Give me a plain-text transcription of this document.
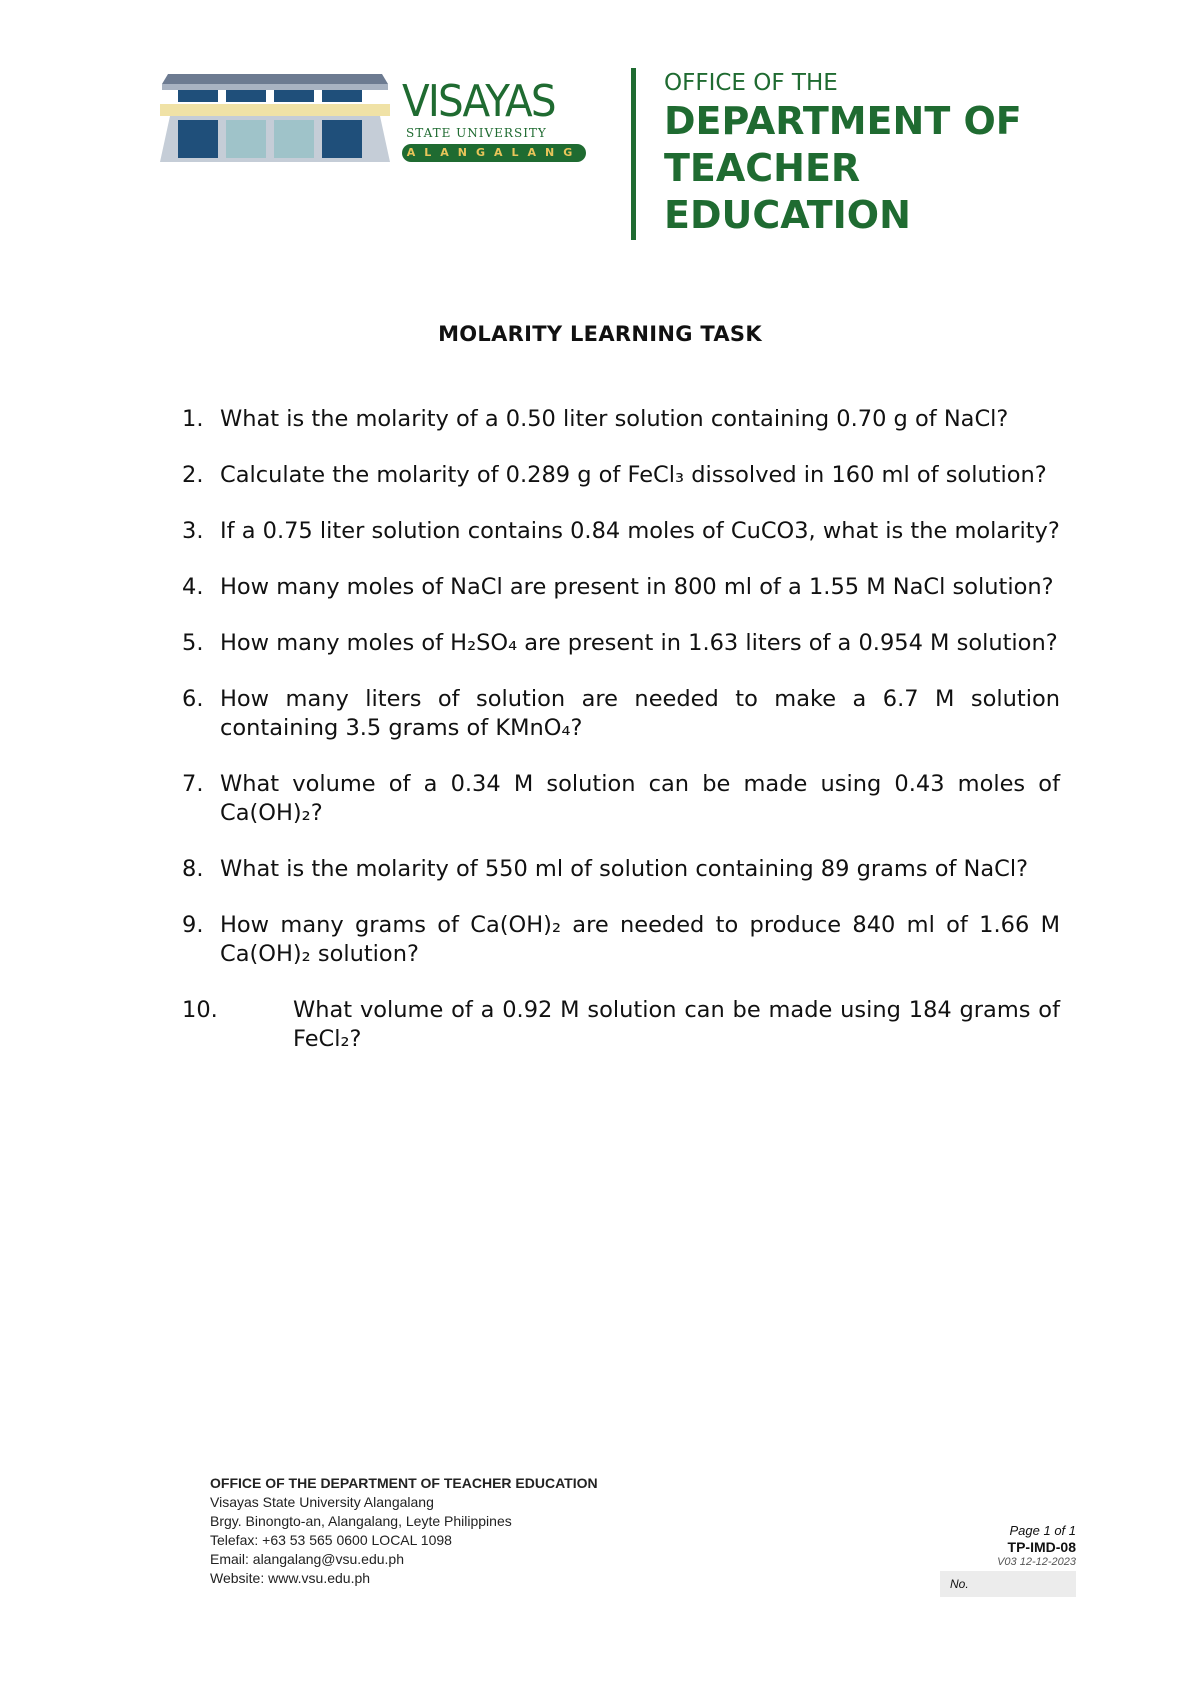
VISAYAS
STATE UNIVERSITY
ALANGALANG
OFFICE OF THE
DEPARTMENT OF
TEACHER
EDUCATION
MOLARITY LEARNING TASK
1. What is the molarity of a 0.50 liter solution containing 0.70 g of NaCl?
2. Calculate the molarity of 0.289 g of FeCl₃ dissolved in 160 ml of solution?
3. If a 0.75 liter solution contains 0.84 moles of CuCO3, what is the molarity?
4. How many moles of NaCl are present in 800 ml of a 1.55 M NaCl solution?
5. How many moles of H₂SO₄ are present in 1.63 liters of a 0.954 M solution?
6. How many liters of solution are needed to make a 6.7 M solution containing 3.5 grams of KMnO₄?
7. What volume of a 0.34 M solution can be made using 0.43 moles of Ca(OH)₂?
8. What is the molarity of 550 ml of solution containing 89 grams of NaCl?
9. How many grams of Ca(OH)₂ are needed to produce 840 ml of 1.66 M Ca(OH)₂ solution?
10.	What volume of a 0.92 M solution can be made using 184 grams of FeCl₂?
OFFICE OF THE DEPARTMENT OF TEACHER EDUCATION
Visayas State University Alangalang
Brgy. Binongto-an, Alangalang, Leyte Philippines
Telefax: +63 53 565 0600 LOCAL 1098
Email: alangalang@vsu.edu.ph
Website: www.vsu.edu.ph
Page 1 of 1
TP-IMD-08
V03 12-12-2023
No.
